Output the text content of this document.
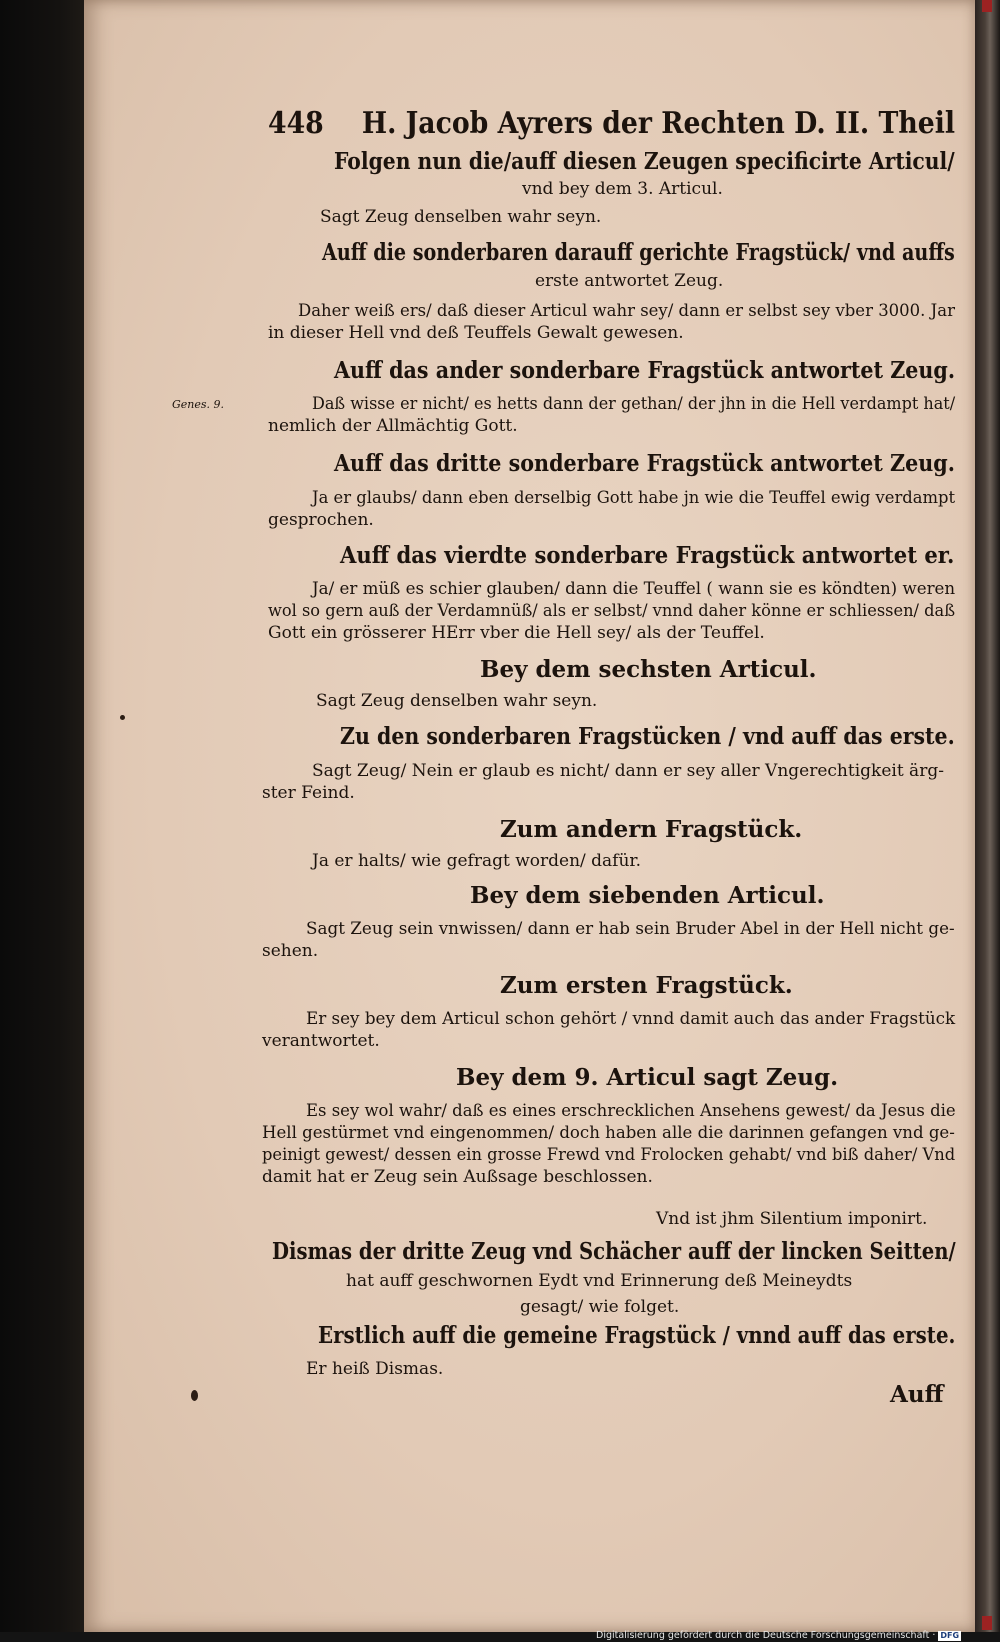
448 H. Jacob Ayrers der Rechten D. II. Theil
Folgen nun die/auff diesen Zeugen specificirte Articul/
vnd bey dem 3. Articul.
Sagt Zeug denselben wahr seyn.
Auff die sonderbaren darauff gerichte Fragstück/ vnd auffs
erste antwortet Zeug.
Daher weiß ers/ daß dieser Articul wahr sey/ dann er selbst sey vber 3000. Jar
in dieser Hell vnd deß Teuffels Gewalt gewesen.
Auff das ander sonderbare Fragstück antwortet Zeug.
Genes. 9.	Daß wisse er nicht/ es hetts dann der gethan/ der jhn in die Hell verdampt hat/
nemlich der Allmächtig Gott.
Auff das dritte sonderbare Fragstück antwortet Zeug.
Ja er glaubs/ dann eben derselbig Gott habe jn wie die Teuffel ewig verdampt
gesprochen.
Auff das vierdte sonderbare Fragstück antwortet er.
Ja/ er müß es schier glauben/ dann die Teuffel ( wann sie es köndten) weren
wol so gern auß der Verdamnüß/ als er selbst/ vnnd daher könne er schliessen/ daß
Gott ein grösserer HErr vber die Hell sey/ als der Teuffel.
Bey dem sechsten Articul.
Sagt Zeug denselben wahr seyn.
Zu den sonderbaren Fragstücken / vnd auff das erste.
Sagt Zeug/ Nein er glaub es nicht/ dann er sey aller Vngerechtigkeit ärg-
ster Feind.
Zum andern Fragstück.
Ja er halts/ wie gefragt worden/ dafür.
Bey dem siebenden Articul.
Sagt Zeug sein vnwissen/ dann er hab sein Bruder Abel in der Hell nicht ge-
sehen.
Zum ersten Fragstück.
Er sey bey dem Articul schon gehört / vnnd damit auch das ander Fragstück
verantwortet.
Bey dem 9. Articul sagt Zeug.
Es sey wol wahr/ daß es eines erschrecklichen Ansehens gewest/ da Jesus die
Hell gestürmet vnd eingenommen/ doch haben alle die darinnen gefangen vnd ge-
peinigt gewest/ dessen ein grosse Frewd vnd Frolocken gehabt/ vnd biß daher/ Vnd
damit hat er Zeug sein Außsage beschlossen.
Vnd ist jhm Silentium imponirt.
Dismas der dritte Zeug vnd Schächer auff der lincken Seitten/
hat auff geschwornen Eydt vnd Erinnerung deß Meineydts
gesagt/ wie folget.
Erstlich auff die gemeine Fragstück / vnnd auff das erste.
Er heiß Dismas.
Auff
Digitalisierung gefördert durch die Deutsche Forschungsgemeinschaft · DFG
